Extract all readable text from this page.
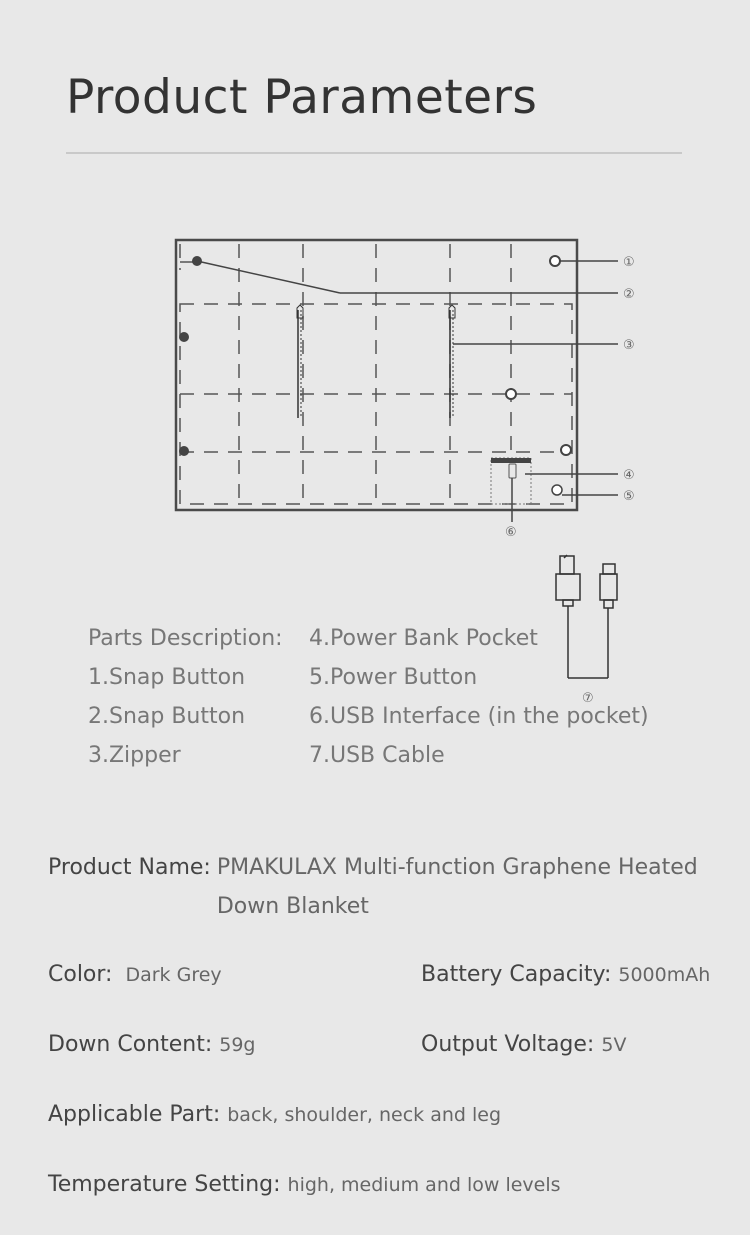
Product Parameters
①
②
③
④
⑤
⑥
⑦
Parts Description:
1.Snap Button
2.Snap Button
3.Zipper
4.Power Bank Pocket
5.Power Button
6.USB Interface (in the pocket)
7.USB Cable
Product Name: PMAKULAX Multi-function Graphene Heated Down Blanket
Color: Dark Grey	Battery Capacity: 5000mAh
Down Content: 59g	Output Voltage: 5V
Applicable Part: back, shoulder, neck and leg
Temperature Setting: high, medium and low levels
